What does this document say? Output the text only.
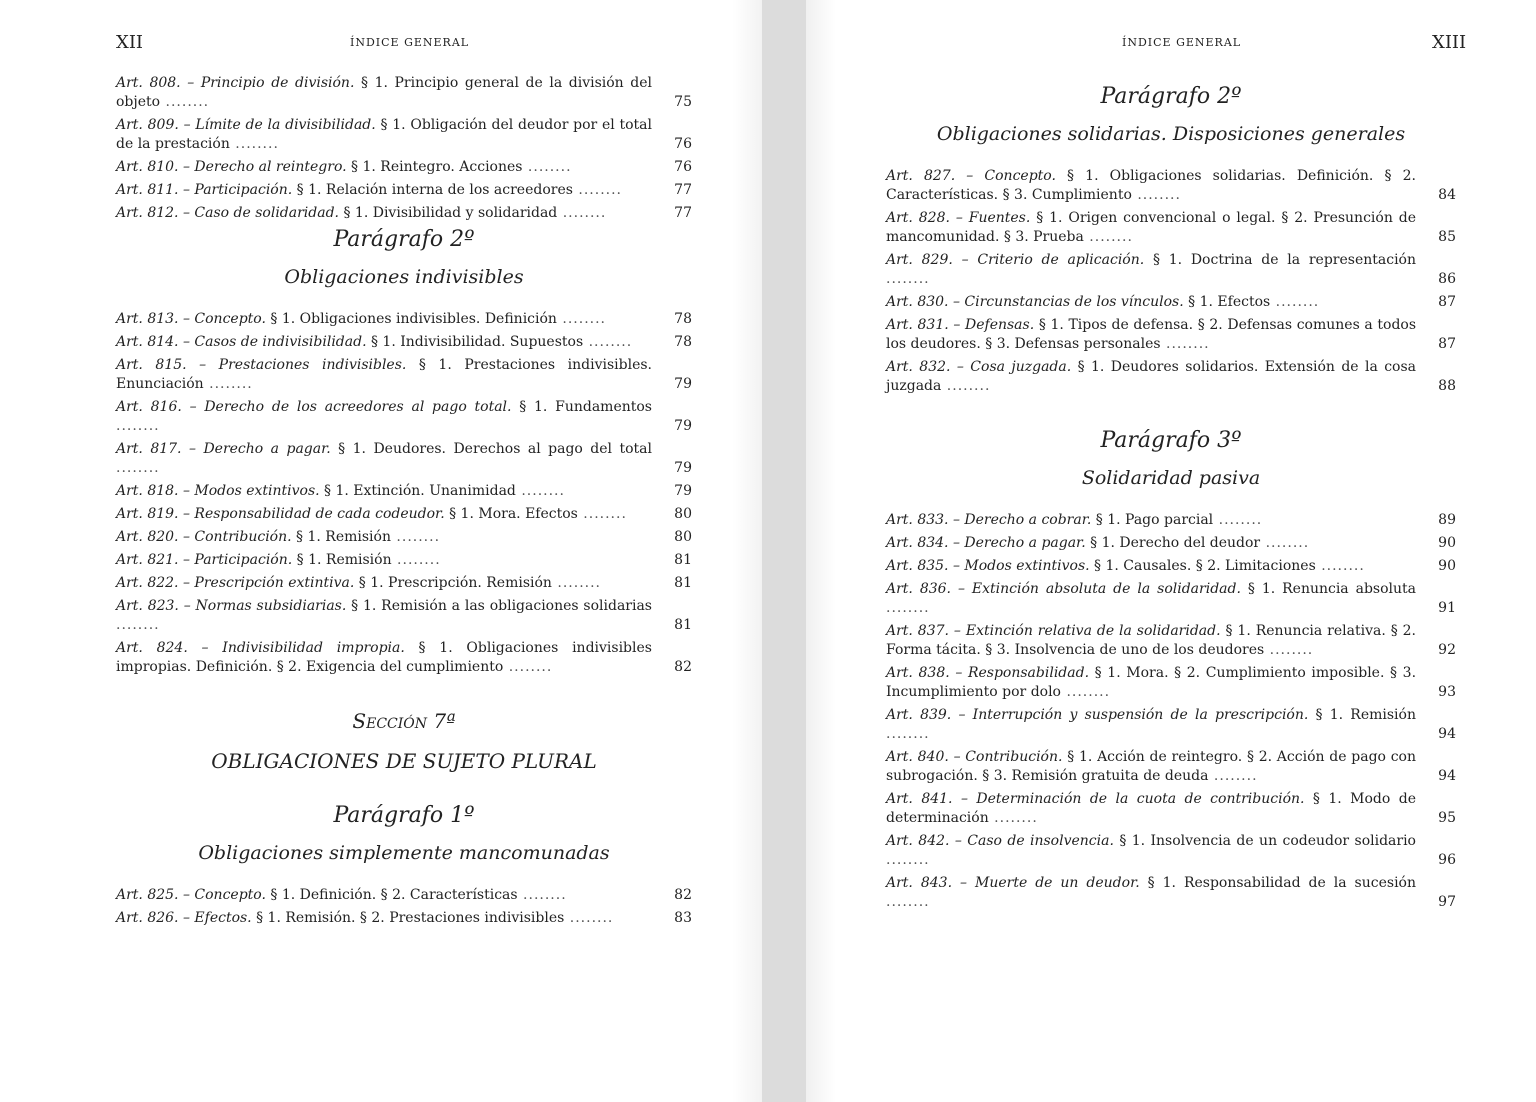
XII	ÍNDICE GENERAL
Art. 808. – Principio de división. § 1. Principio general de la división del objeto ........	75
Art. 809. – Límite de la divisibilidad. § 1. Obligación del deudor por el total de la prestación ........	76
Art. 810. – Derecho al reintegro. § 1. Reintegro. Acciones ........	76
Art. 811. – Participación. § 1. Relación interna de los acreedores ........	77
Art. 812. – Caso de solidaridad. § 1. Divisibilidad y solidaridad ........	77
Parágrafo 2º
Obligaciones indivisibles
Art. 813. – Concepto. § 1. Obligaciones indivisibles. Definición ........	78
Art. 814. – Casos de indivisibilidad. § 1. Indivisibilidad. Supuestos ........	78
Art. 815. – Prestaciones indivisibles. § 1. Prestaciones indivisibles. Enunciación ........	79
Art. 816. – Derecho de los acreedores al pago total. § 1. Fundamentos ........	79
Art. 817. – Derecho a pagar. § 1. Deudores. Derechos al pago del total ........	79
Art. 818. – Modos extintivos. § 1. Extinción. Unanimidad ........	79
Art. 819. – Responsabilidad de cada codeudor. § 1. Mora. Efectos ........	80
Art. 820. – Contribución. § 1. Remisión ........	80
Art. 821. – Participación. § 1. Remisión ........	81
Art. 822. – Prescripción extintiva. § 1. Prescripción. Remisión ........	81
Art. 823. – Normas subsidiarias. § 1. Remisión a las obligaciones solidarias ........	81
Art. 824. – Indivisibilidad impropia. § 1. Obligaciones indivisibles impropias. Definición. § 2. Exigencia del cumplimiento ........	82
Sección 7ª
OBLIGACIONES DE SUJETO PLURAL
Parágrafo 1º
Obligaciones simplemente mancomunadas
Art. 825. – Concepto. § 1. Definición. § 2. Características ........	82
Art. 826. – Efectos. § 1. Remisión. § 2. Prestaciones indivisibles ........	83
ÍNDICE GENERAL	XIII
Parágrafo 2º
Obligaciones solidarias. Disposiciones generales
Art. 827. – Concepto. § 1. Obligaciones solidarias. Definición. § 2. Características. § 3. Cumplimiento ........	84
Art. 828. – Fuentes. § 1. Origen convencional o legal. § 2. Presunción de mancomunidad. § 3. Prueba ........	85
Art. 829. – Criterio de aplicación. § 1. Doctrina de la representación ........	86
Art. 830. – Circunstancias de los vínculos. § 1. Efectos ........	87
Art. 831. – Defensas. § 1. Tipos de defensa. § 2. Defensas comunes a todos los deudores. § 3. Defensas personales ........	87
Art. 832. – Cosa juzgada. § 1. Deudores solidarios. Extensión de la cosa juzgada ........	88
Parágrafo 3º
Solidaridad pasiva
Art. 833. – Derecho a cobrar. § 1. Pago parcial ........	89
Art. 834. – Derecho a pagar. § 1. Derecho del deudor ........	90
Art. 835. – Modos extintivos. § 1. Causales. § 2. Limitaciones ........	90
Art. 836. – Extinción absoluta de la solidaridad. § 1. Renuncia absoluta ........	91
Art. 837. – Extinción relativa de la solidaridad. § 1. Renuncia relativa. § 2. Forma tácita. § 3. Insolvencia de uno de los deudores ........	92
Art. 838. – Responsabilidad. § 1. Mora. § 2. Cumplimiento imposible. § 3. Incumplimiento por dolo ........	93
Art. 839. – Interrupción y suspensión de la prescripción. § 1. Remisión ........	94
Art. 840. – Contribución. § 1. Acción de reintegro. § 2. Acción de pago con subrogación. § 3. Remisión gratuita de deuda ........	94
Art. 841. – Determinación de la cuota de contribución. § 1. Modo de determinación ........	95
Art. 842. – Caso de insolvencia. § 1. Insolvencia de un codeudor solidario ........	96
Art. 843. – Muerte de un deudor. § 1. Responsabilidad de la sucesión ........	97
